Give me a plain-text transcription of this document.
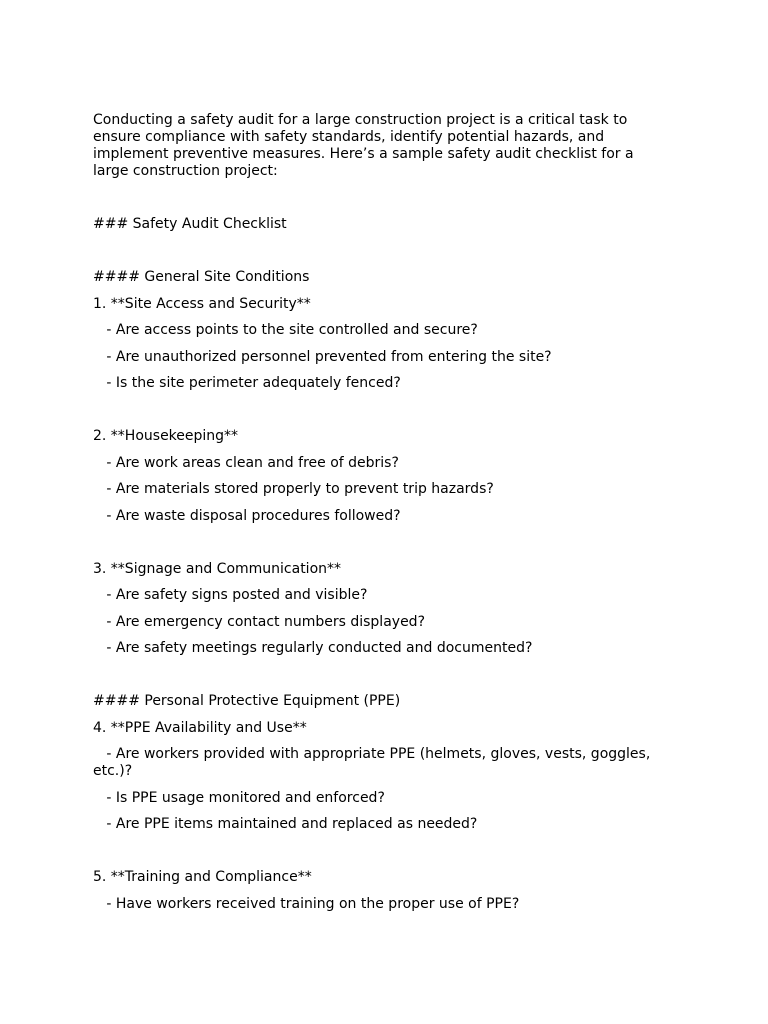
Conducting a safety audit for a large construction project is a critical task to ensure compliance with safety standards, identify potential hazards, and implement preventive measures. Here’s a sample safety audit checklist for a large construction project:

### Safety Audit Checklist

#### General Site Conditions

1. **Site Access and Security**

- Are access points to the site controlled and secure?

- Are unauthorized personnel prevented from entering the site?

- Is the site perimeter adequately fenced?

2. **Housekeeping**

- Are work areas clean and free of debris?

- Are materials stored properly to prevent trip hazards?

- Are waste disposal procedures followed?

3. **Signage and Communication**

- Are safety signs posted and visible?

- Are emergency contact numbers displayed?

- Are safety meetings regularly conducted and documented?

#### Personal Protective Equipment (PPE)

4. **PPE Availability and Use**

- Are workers provided with appropriate PPE (helmets, gloves, vests, goggles, etc.)?

- Is PPE usage monitored and enforced?

- Are PPE items maintained and replaced as needed?

5. **Training and Compliance**

- Have workers received training on the proper use of PPE?
